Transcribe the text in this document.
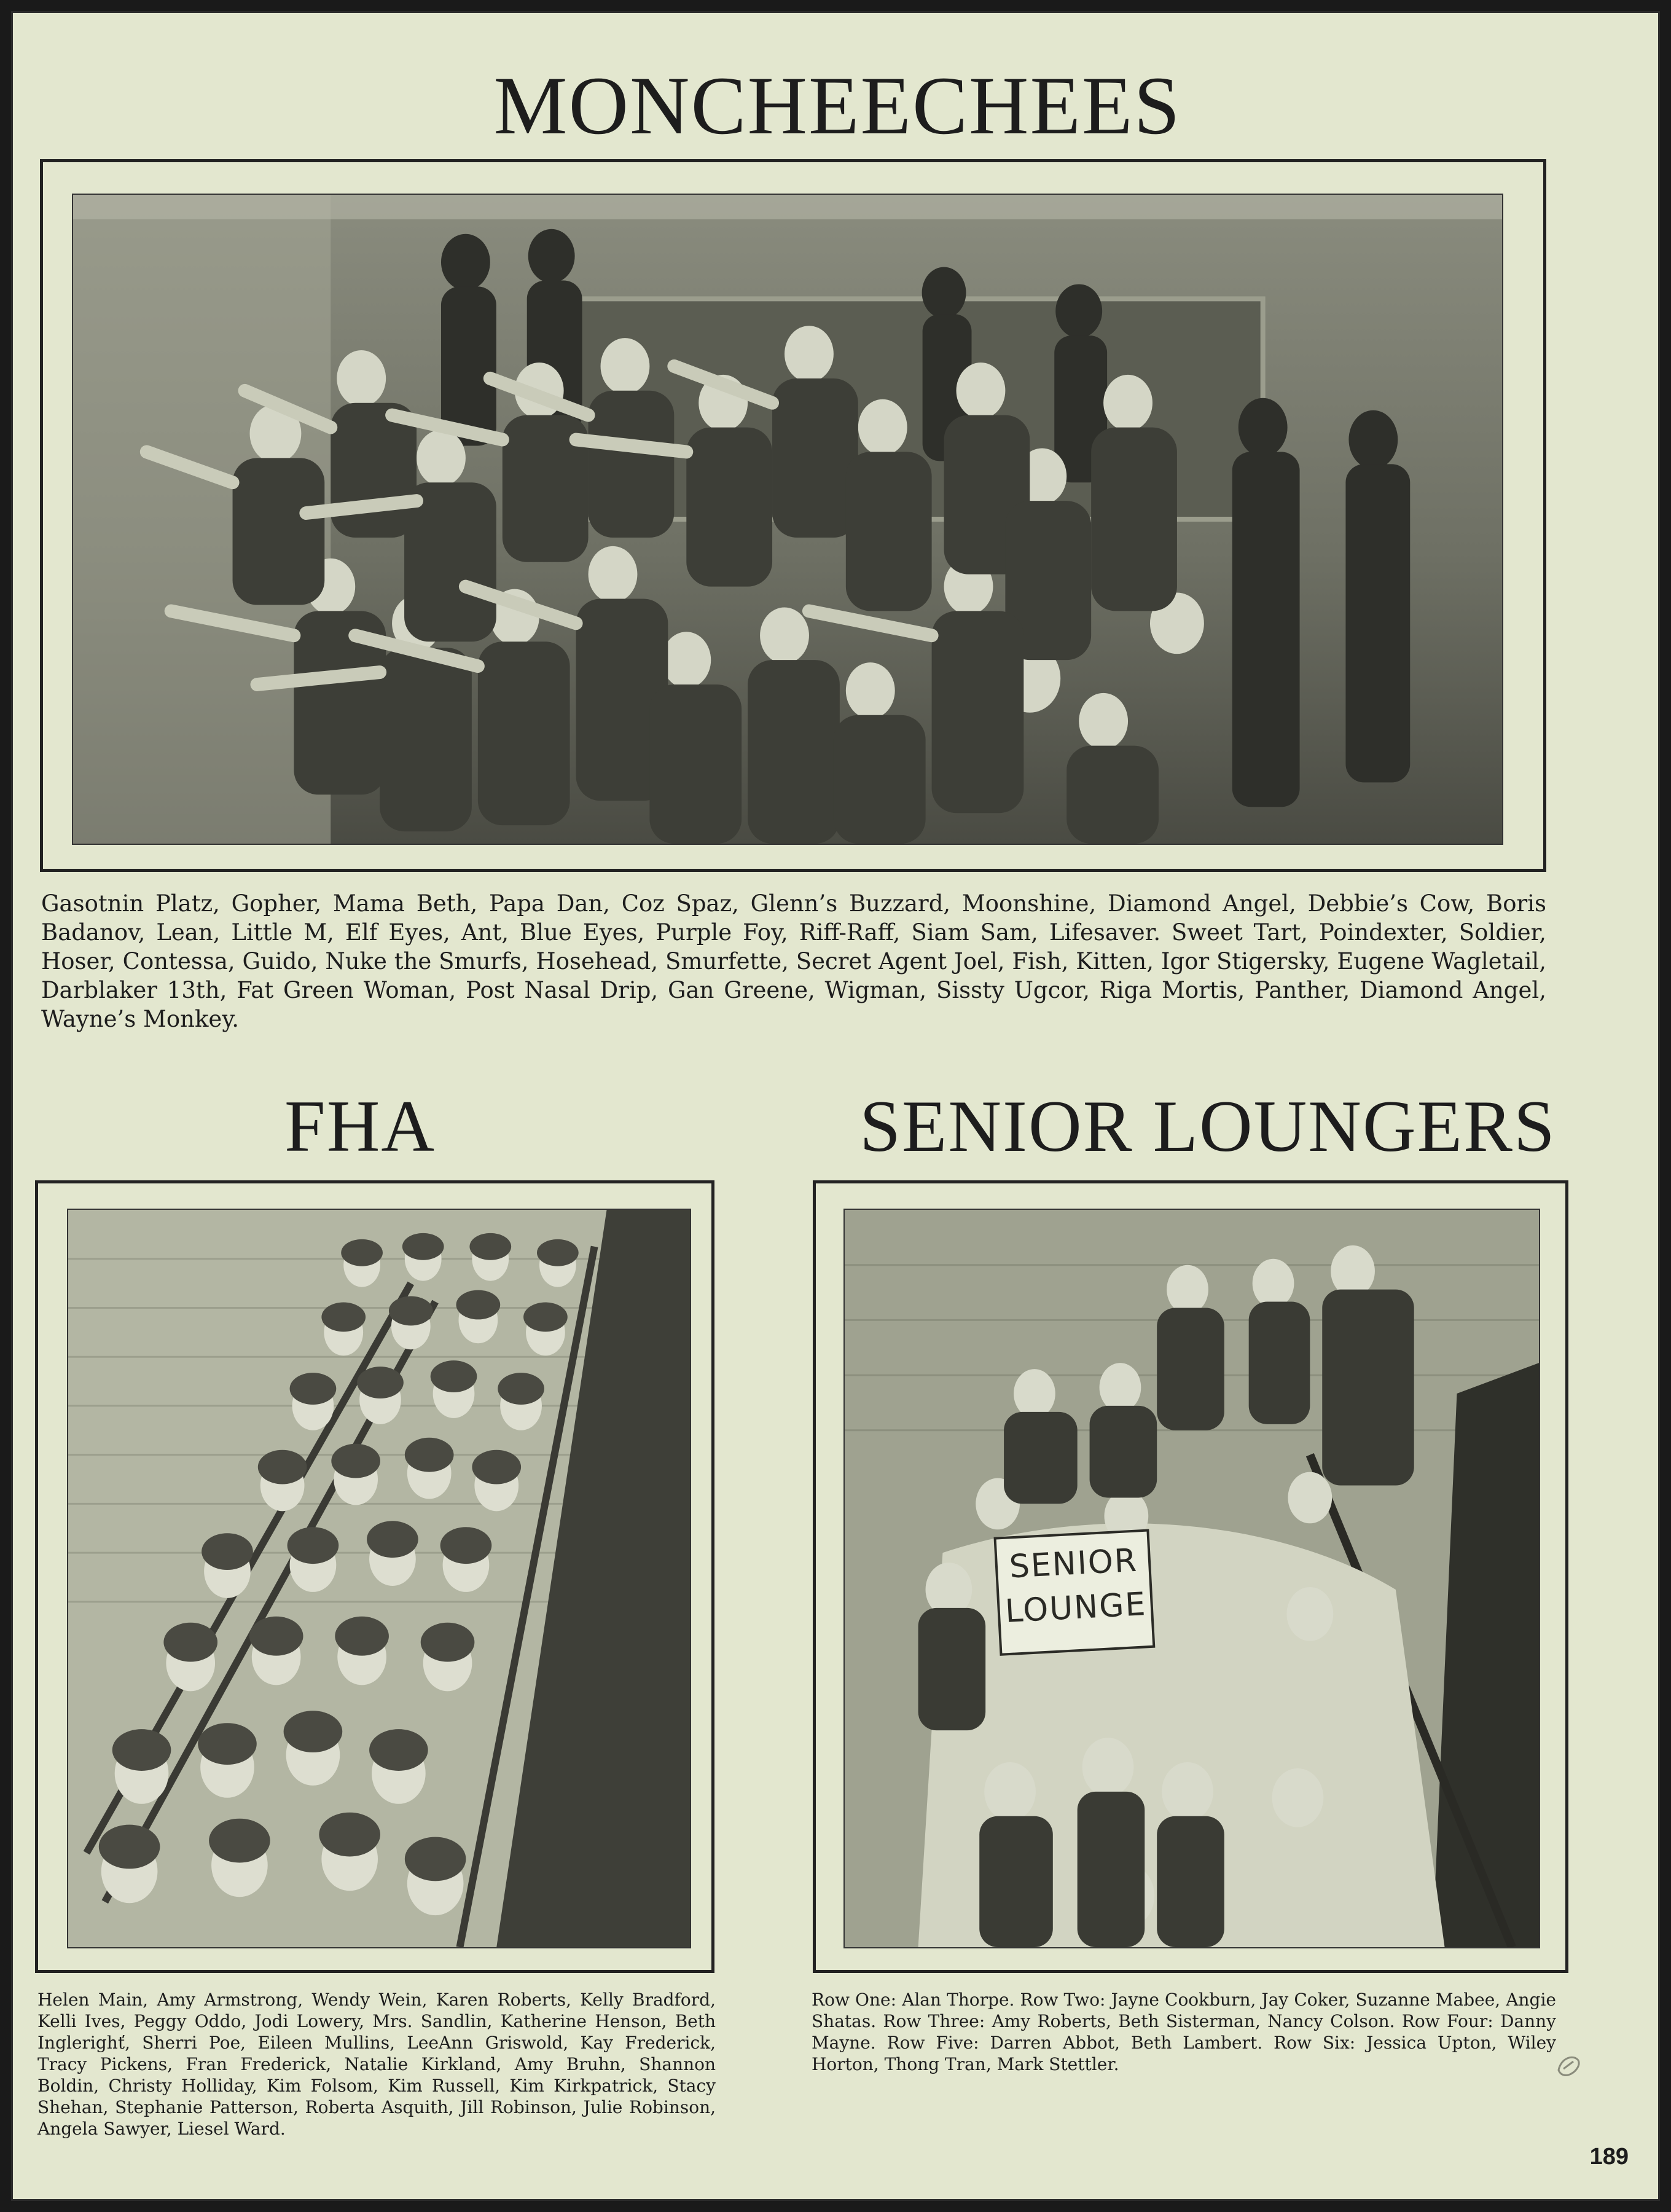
MONCHEECHEES

Gasotnin Platz, Gopher, Mama Beth, Papa Dan, Coz Spaz, Glenn’s Buzzard, Moonshine, Diamond Angel, Debbie’s Cow, Boris Badanov, Lean, Little M, Elf Eyes, Ant, Blue Eyes, Purple Foy, Riff-Raff, Siam Sam, Lifesaver. Sweet Tart, Poindexter, Soldier, Hoser, Contessa, Guido, Nuke the Smurfs, Hosehead, Smurfette, Secret Agent Joel, Fish, Kitten, Igor Stigersky, Eugene Wagletail, Darblaker 13th, Fat Green Woman, Post Nasal Drip, Gan Greene, Wigman, Sissty Ugcor, Riga Mortis, Panther, Diamond Angel, Wayne’s Monkey.

FHA	SENIOR LOUNGERS
SENIOR
LOUNGE

Helen Main, Amy Armstrong, Wendy Wein, Karen Roberts, Kelly Bradford, Kelli Ives, Peggy Oddo, Jodi Lowery, Mrs. Sandlin, Katherine Henson, Beth Inglerighť, Sherri Poe, Eileen Mullins, LeeAnn Griswold, Kay Frederick, Tracy Pickens, Fran Frederick, Natalie Kirkland, Amy Bruhn, Shannon Boldin, Christy Holliday, Kim Folsom, Kim Russell, Kim Kirkpatrick, Stacy Shehan, Stephanie Patterson, Roberta Asquith, Jill Robinson, Julie Robinson, Angela Sawyer, Liesel Ward.

Row One: Alan Thorpe. Row Two: Jayne Cookburn, Jay Coker, Suzanne Mabee, Angie Shatas. Row Three: Amy Roberts, Beth Sisterman, Nancy Colson. Row Four: Danny Mayne. Row Five: Darren Abbot, Beth Lambert. Row Six: Jessica Upton, Wiley Horton, Thong Tran, Mark Stettler.

189
